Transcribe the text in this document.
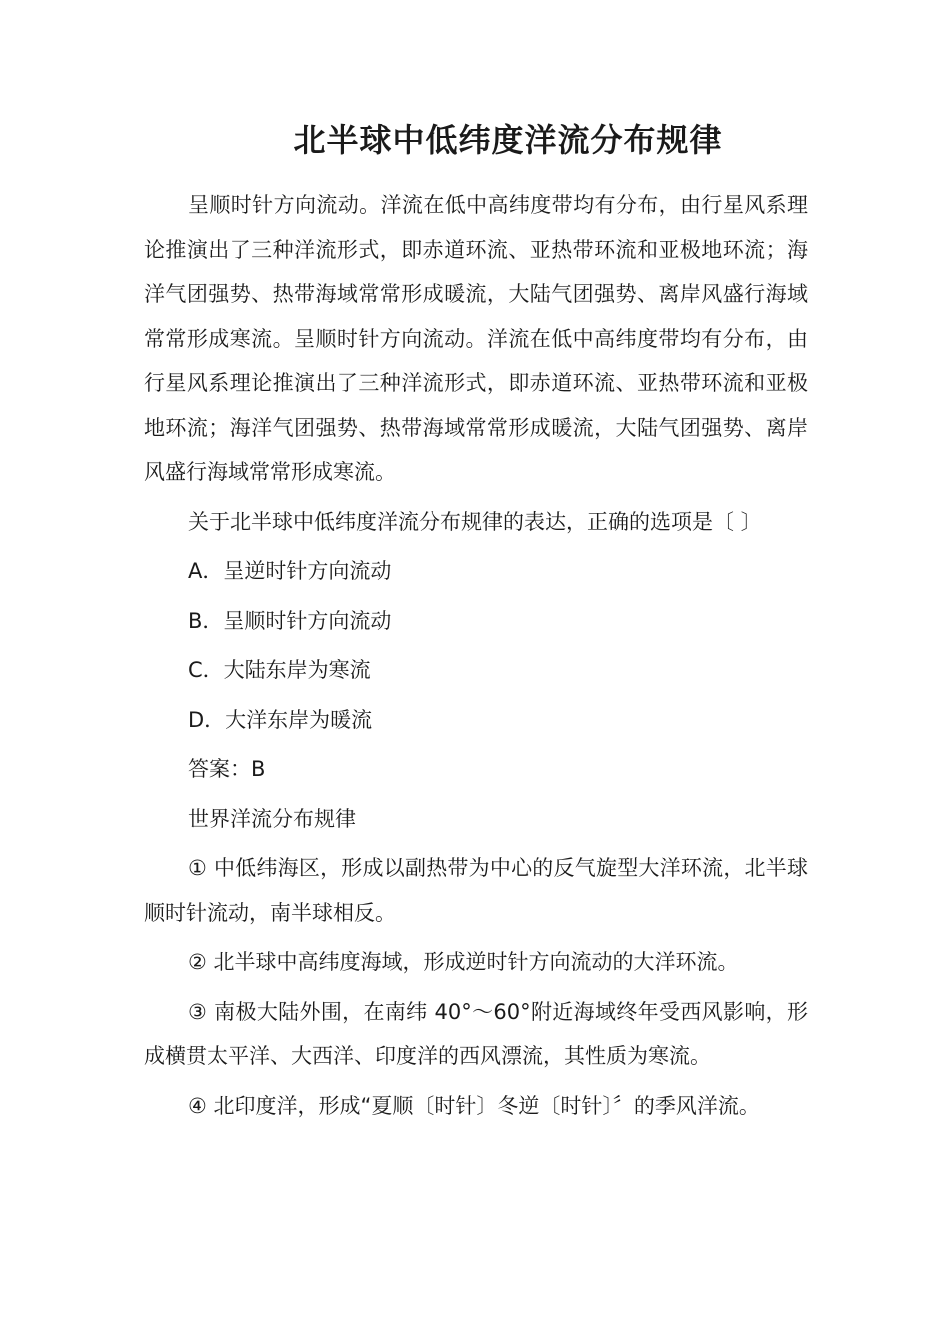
北半球中低纬度洋流分布规律

呈顺时针方向流动。洋流在低中高纬度带均有分布，由行星风系理论推演出了三种洋流形式，即赤道环流、亚热带环流和亚极地环流；海洋气团强势、热带海域常常形成暖流，大陆气团强势、离岸风盛行海域常常形成寒流。呈顺时针方向流动。洋流在低中高纬度带均有分布，由行星风系理论推演出了三种洋流形式，即赤道环流、亚热带环流和亚极地环流；海洋气团强势、热带海域常常形成暖流，大陆气团强势、离岸风盛行海域常常形成寒流。

关于北半球中低纬度洋流分布规律的表达，正确的选项是〔 〕

A．呈逆时针方向流动

B．呈顺时针方向流动

C．大陆东岸为寒流

D．大洋东岸为暖流

答案：B

世界洋流分布规律

① 中低纬海区，形成以副热带为中心的反气旋型大洋环流，北半球顺时针流动，南半球相反。

② 北半球中高纬度海域，形成逆时针方向流动的大洋环流。

③ 南极大陆外围，在南纬 40°～60°附近海域终年受西风影响，形成横贯太平洋、大西洋、印度洋的西风漂流，其性质为寒流。

④ 北印度洋，形成“夏顺〔时针〕冬逆〔时针〕〞的季风洋流。
